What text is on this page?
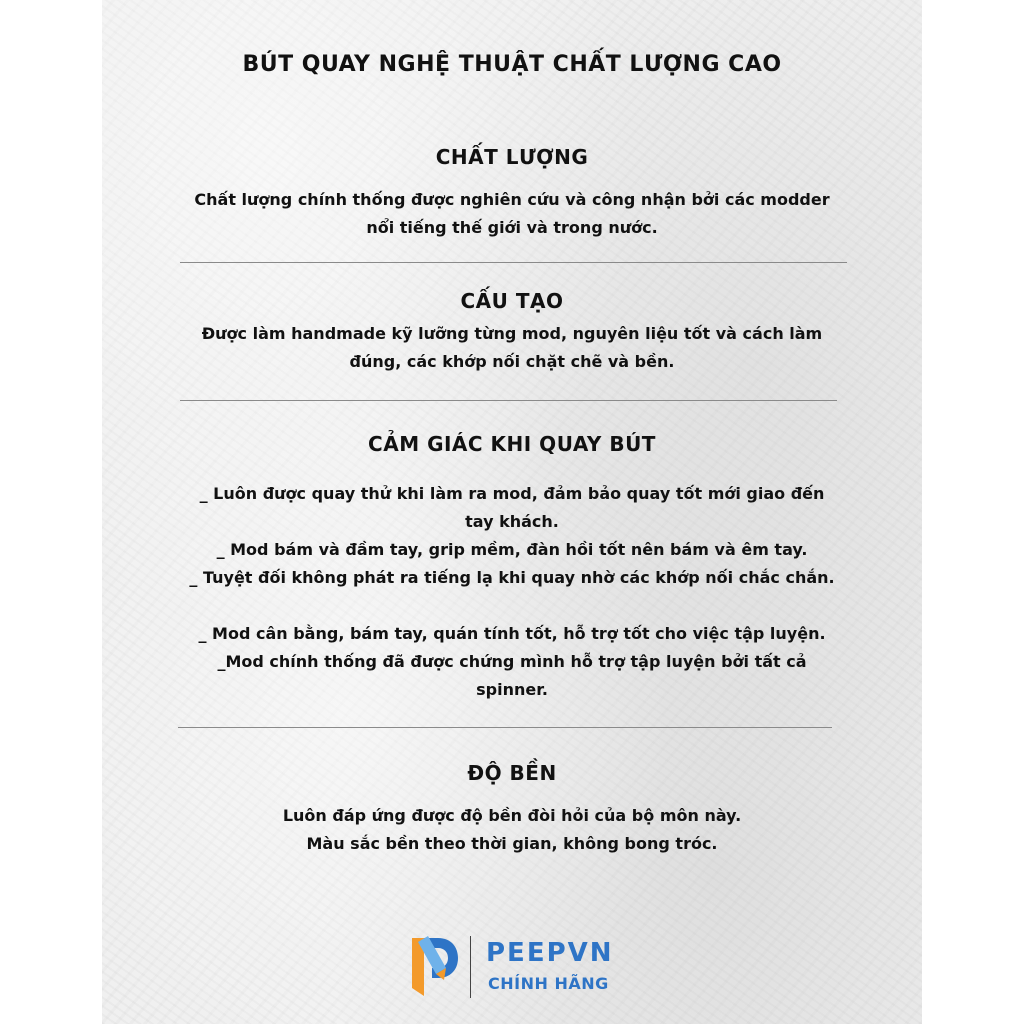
BÚT QUAY NGHỆ THUẬT CHẤT LƯỢNG CAO
CHẤT LƯỢNG
Chất lượng chính thống được nghiên cứu và công nhận bởi các modder
nổi tiếng thế giới và trong nước.
CẤU TẠO
Được làm handmade kỹ lưỡng từng mod, nguyên liệu tốt và cách làm
đúng, các khớp nối chặt chẽ và bền.
CẢM GIÁC KHI QUAY BÚT
_ Luôn được quay thử khi làm ra mod, đảm bảo quay tốt mới giao đến
tay khách.
_ Mod bám và đầm tay, grip mềm, đàn hồi tốt nên bám và êm tay.
_ Tuyệt đối không phát ra tiếng lạ khi quay nhờ các khớp nối chắc chắn.
_ Mod cân bằng, bám tay, quán tính tốt, hỗ trợ tốt cho việc tập luyện.
_Mod chính thống đã được chứng mình hỗ trợ tập luyện bởi tất cả
spinner.
ĐỘ BỀN
Luôn đáp ứng được độ bền đòi hỏi của bộ môn này.
Màu sắc bền theo thời gian, không bong tróc.
PEEPVN
CHÍNH HÃNG
